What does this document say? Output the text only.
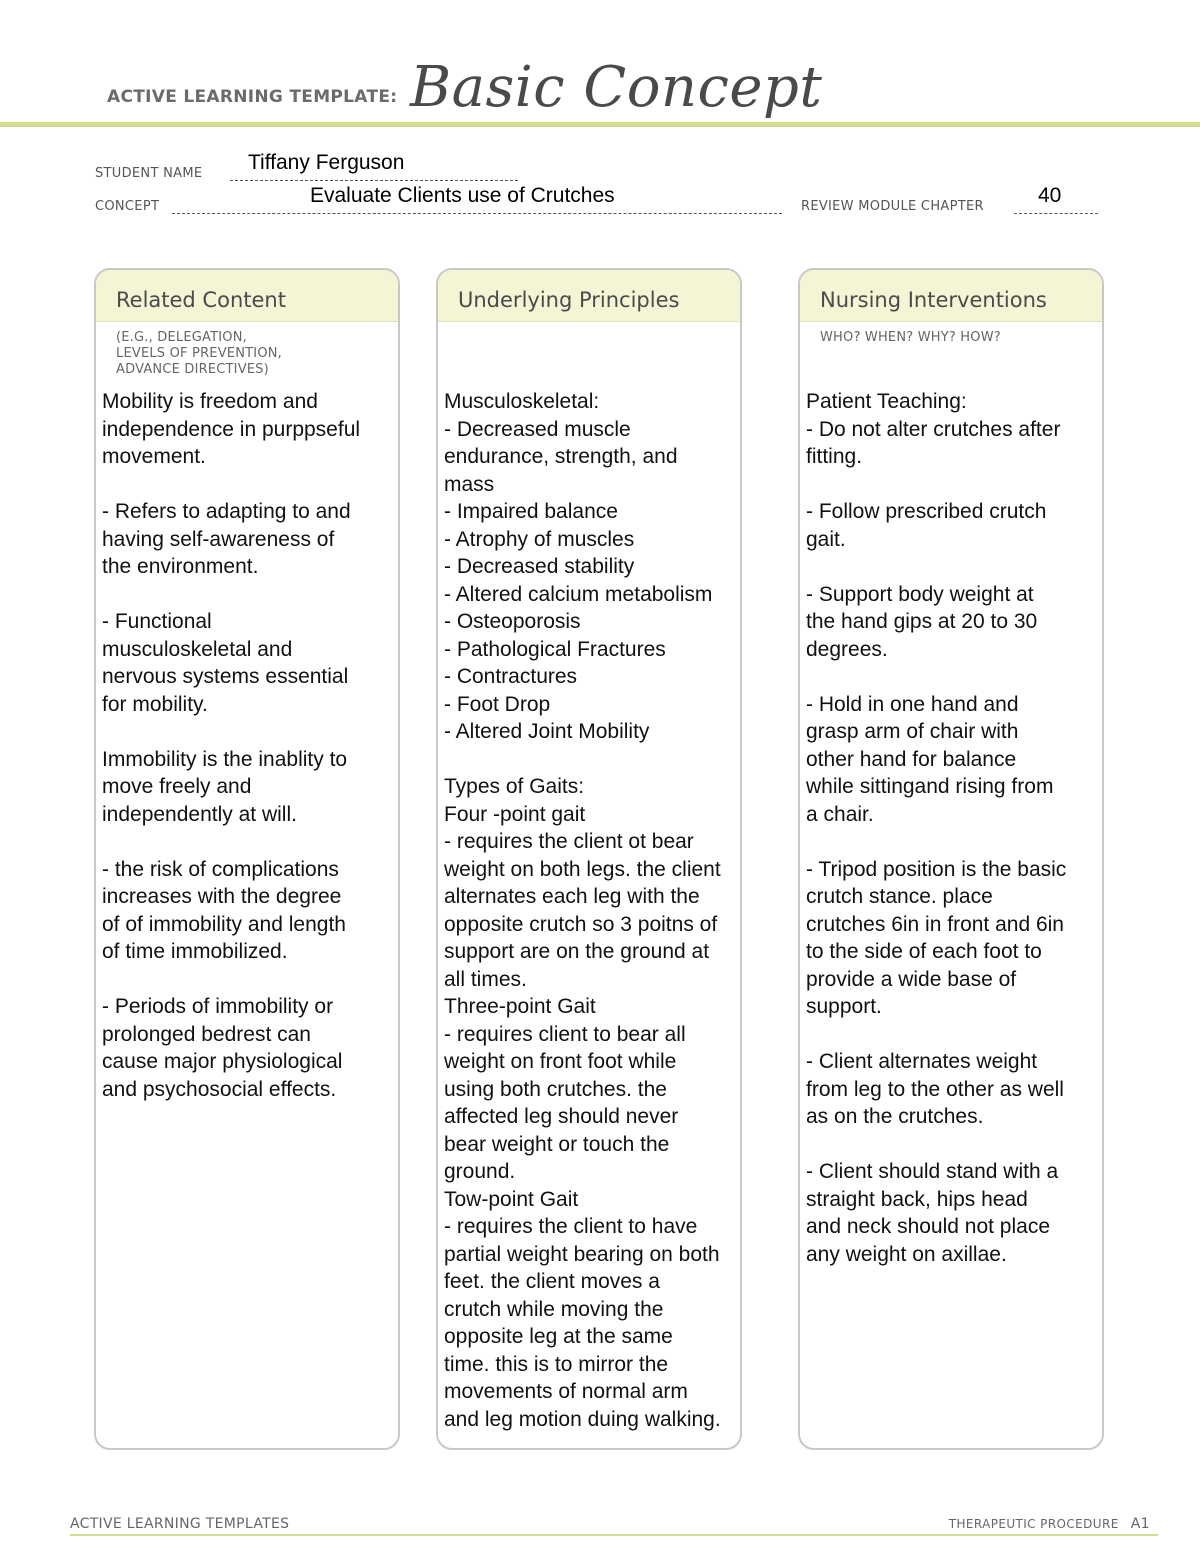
ACTIVE LEARNING TEMPLATE: Basic Concept
STUDENT NAME Tiffany Ferguson
CONCEPT	Evaluate Clients use of Crutches	REVIEW MODULE CHAPTER	40
Related Content
(E.G., DELEGATION,
LEVELS OF PREVENTION,
ADVANCE DIRECTIVES)
Mobility is freedom and
independence in purppseful
movement.

- Refers to adapting to and
having self-awareness of
the environment.

- Functional
musculoskeletal and
nervous systems essential
for mobility.

Immobility is the inablity to
move freely and
independently at will.

- the risk of complications
increases with the degree
of of immobility and length
of time immobilized.

- Periods of immobility or
prolonged bedrest can
cause major physiological
and psychosocial effects.
Underlying Principles
Musculoskeletal:
- Decreased muscle
endurance, strength, and
mass
- Impaired balance
- Atrophy of muscles
- Decreased stability
- Altered calcium metabolism
- Osteoporosis
- Pathological Fractures
- Contractures
- Foot Drop
- Altered Joint Mobility

Types of Gaits:
Four -point gait
- requires the client ot bear
weight on both legs. the client
alternates each leg with the
opposite crutch so 3 poitns of
support are on the ground at
all times.
Three-point Gait
- requires client to bear all
weight on front foot while
using both crutches. the
affected leg should never
bear weight or touch the
ground.
Tow-point Gait
- requires the client to have
partial weight bearing on both
feet. the client moves a
crutch while moving the
opposite leg at the same
time. this is to mirror the
movements of normal arm
and leg motion duing walking.
Nursing Interventions
WHO? WHEN? WHY? HOW?
Patient Teaching:
- Do not alter crutches after
fitting.

- Follow prescribed crutch
gait.

- Support body weight at
the hand gips at 20 to 30
degrees.

- Hold in one hand and
grasp arm of chair with
other hand for balance
while sittingand rising from
a chair.

- Tripod position is the basic
crutch stance. place
crutches 6in in front and 6in
to the side of each foot to
provide a wide base of
support.

- Client alternates weight
from leg to the other as well
as on the crutches.

- Client should stand with a
straight back, hips head
and neck should not place
any weight on axillae.
ACTIVE LEARNING TEMPLATES	THERAPEUTIC PROCEDURE A1
